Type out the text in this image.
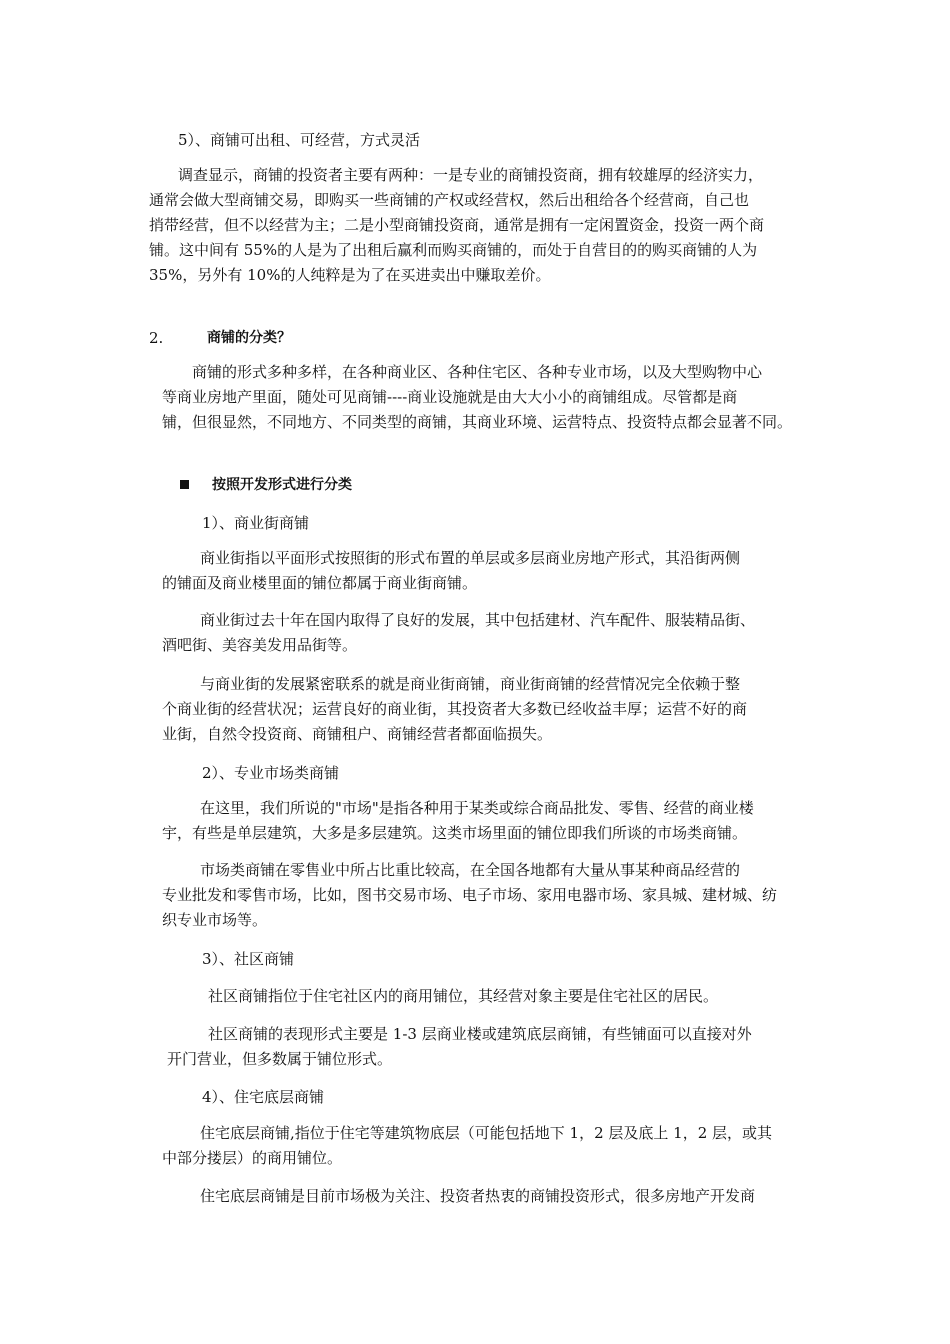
5）、商铺可出租、可经营，方式灵活
调查显示，商铺的投资者主要有两种：一是专业的商铺投资商，拥有较雄厚的经济实力，
通常会做大型商铺交易，即购买一些商铺的产权或经营权，然后出租给各个经营商，自己也
捎带经营，但不以经营为主；二是小型商铺投资商，通常是拥有一定闲置资金，投资一两个商
铺。这中间有 55%的人是为了出租后赢利而购买商铺的，而处于自营目的的购买商铺的人为
35%，另外有 10%的人纯粹是为了在买进卖出中赚取差价。
2.	商铺的分类？
商铺的形式多种多样，在各种商业区、各种住宅区、各种专业市场，以及大型购物中心
等商业房地产里面，随处可见商铺----商业设施就是由大大小小的商铺组成。尽管都是商
铺，但很显然，不同地方、不同类型的商铺，其商业环境、运营特点、投资特点都会显著不同。
按照开发形式进行分类
1）、商业街商铺
商业街指以平面形式按照街的形式布置的单层或多层商业房地产形式，其沿街两侧
的铺面及商业楼里面的铺位都属于商业街商铺。
商业街过去十年在国内取得了良好的发展，其中包括建材、汽车配件、服装精品街、
酒吧街、美容美发用品街等。
与商业街的发展紧密联系的就是商业街商铺，商业街商铺的经营情况完全依赖于整
个商业街的经营状况；运营良好的商业街，其投资者大多数已经收益丰厚；运营不好的商
业街，自然令投资商、商铺租户、商铺经营者都面临损失。
2）、专业市场类商铺
在这里，我们所说的"市场"是指各种用于某类或综合商品批发、零售、经营的商业楼
宇，有些是单层建筑，大多是多层建筑。这类市场里面的铺位即我们所谈的市场类商铺。
市场类商铺在零售业中所占比重比较高，在全国各地都有大量从事某种商品经营的
专业批发和零售市场，比如，图书交易市场、电子市场、家用电器市场、家具城、建材城、纺
织专业市场等。
3）、社区商铺
社区商铺指位于住宅社区内的商用铺位，其经营对象主要是住宅社区的居民。
社区商铺的表现形式主要是 1-3 层商业楼或建筑底层商铺，有些铺面可以直接对外
开门营业，但多数属于铺位形式。
4）、住宅底层商铺
住宅底层商铺,指位于住宅等建筑物底层（可能包括地下 1，2 层及底上 1，2 层，或其
中部分搂层）的商用铺位。
住宅底层商铺是目前市场极为关注、投资者热衷的商铺投资形式，很多房地产开发商
